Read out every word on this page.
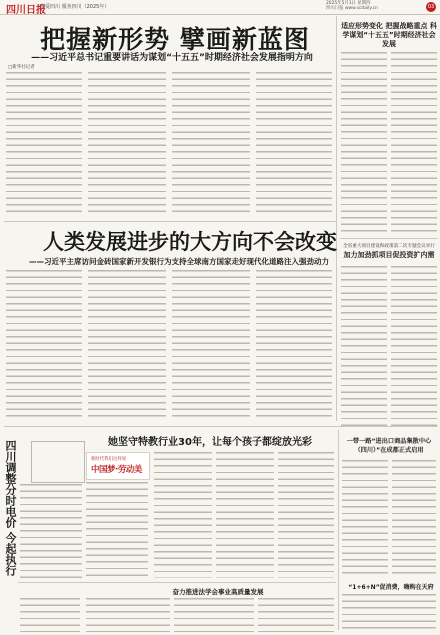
四川日报
热爱四川 服务四川（2025年）
2025年5月1日 星期四
四川日报 www.scdaily.cn	03
把握新形势 擘画新蓝图
——习近平总书记重要讲话为谋划“十五五”时期经济社会发展指明方向
□新华社记者
适应形势变化 把握战略重点 科学谋划“十五五”时期经济社会发展
人类发展进步的大方向不会改变
——习近平主席访问金砖国家新开发银行为支持全球南方国家走好现代化道路注入强劲动力
全省重大项目建设和政策第二次专题会议举行
加力加劲抓项目促投资扩内需
四川调整分时电价 今起执行	她坚守特教行业30年，让每个孩子都绽放光彩
新时代我们这样说
中国梦·劳动美
一带一路“进出口商品集散中心（四川）”在成都正式启用
奋力推进法学会事业高质量发展
“1+6+N”促消费，嗨购在天府
